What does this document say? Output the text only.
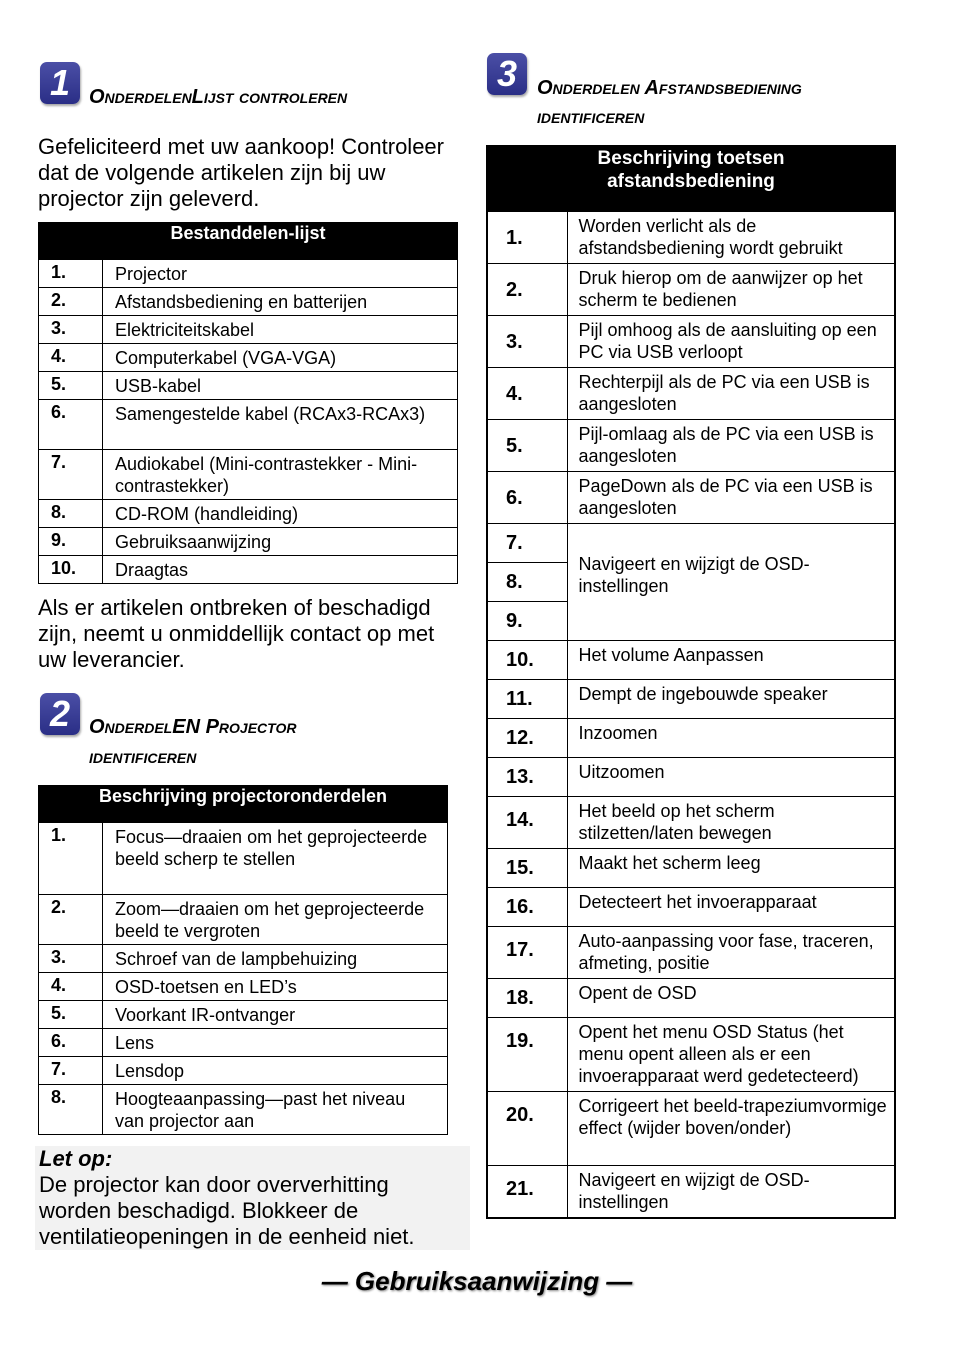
1 OnderdelenLijst controleren
Gefeliciteerd met uw aankoop! Controleer dat de volgende artikelen zijn bij uw projector zijn geleverd.
Bestanddelen-lijst	
1.	Projector
2.	Afstandsbediening en batterijen
3.	Elektriciteitskabel
4.	Computerkabel (VGA-VGA)
5.	USB-kabel
6.	Samengestelde kabel (RCAx3-RCAx3)
7.	Audiokabel (Mini-contrastekker - Mini-contrastekker)
8.	CD-ROM (handleiding)
9.	Gebruiksaanwijzing
10.	Draagtas
Als er artikelen ontbreken of beschadigd zijn, neemt u onmiddellijk contact op met uw leverancier.
2 OnderdelEN Projector
identificeren
Beschrijving projectoronderdelen	
1.	Focus—draaien om het geprojecteerde beeld scherp te stellen
2.	Zoom—draaien om het geprojecteerde beeld te vergroten
3.	Schroef van de lampbehuizing
4.	OSD-toetsen en LED’s
5.	Voorkant IR-ontvanger
6.	Lens
7.	Lensdop
8.	Hoogteaanpassing—past het niveau van projector aan
Let op:
De projector kan door oververhitting worden beschadigd. Blokkeer de ventilatieopeningen in de eenheid niet.
3 Onderdelen Afstandsbediening
identificeren
Beschrijving toetsen afstandsbediening	
1.	Worden verlicht als de afstandsbediening wordt gebruikt
2.	Druk hierop om de aanwijzer op het scherm te bedienen
3.	Pijl omhoog als de aansluiting op een PC via USB verloopt
4.	Rechterpijl als de PC via een USB is aangesloten
5.	Pijl-omlaag als de PC via een USB is aangesloten
6.	PageDown als de PC via een USB is aangesloten
7.	Navigeert en wijzigt de OSD-instellingen
8.	
9.	
10.	Het volume Aanpassen
11.	Dempt de ingebouwde speaker
12.	Inzoomen
13.	Uitzoomen
14.	Het beeld op het scherm stilzetten/laten bewegen
15.	Maakt het scherm leeg
16.	Detecteert het invoerapparaat
17.	Auto-aanpassing voor fase, traceren, afmeting, positie
18.	Opent de OSD
19.	Opent het menu OSD Status (het menu opent alleen als er een invoerapparaat werd gedetecteerd)
20.	Corrigeert het beeld-trapeziumvormige effect (wijder boven/onder)
21.	Navigeert en wijzigt de OSD-instellingen
— Gebruiksaanwijzing —
